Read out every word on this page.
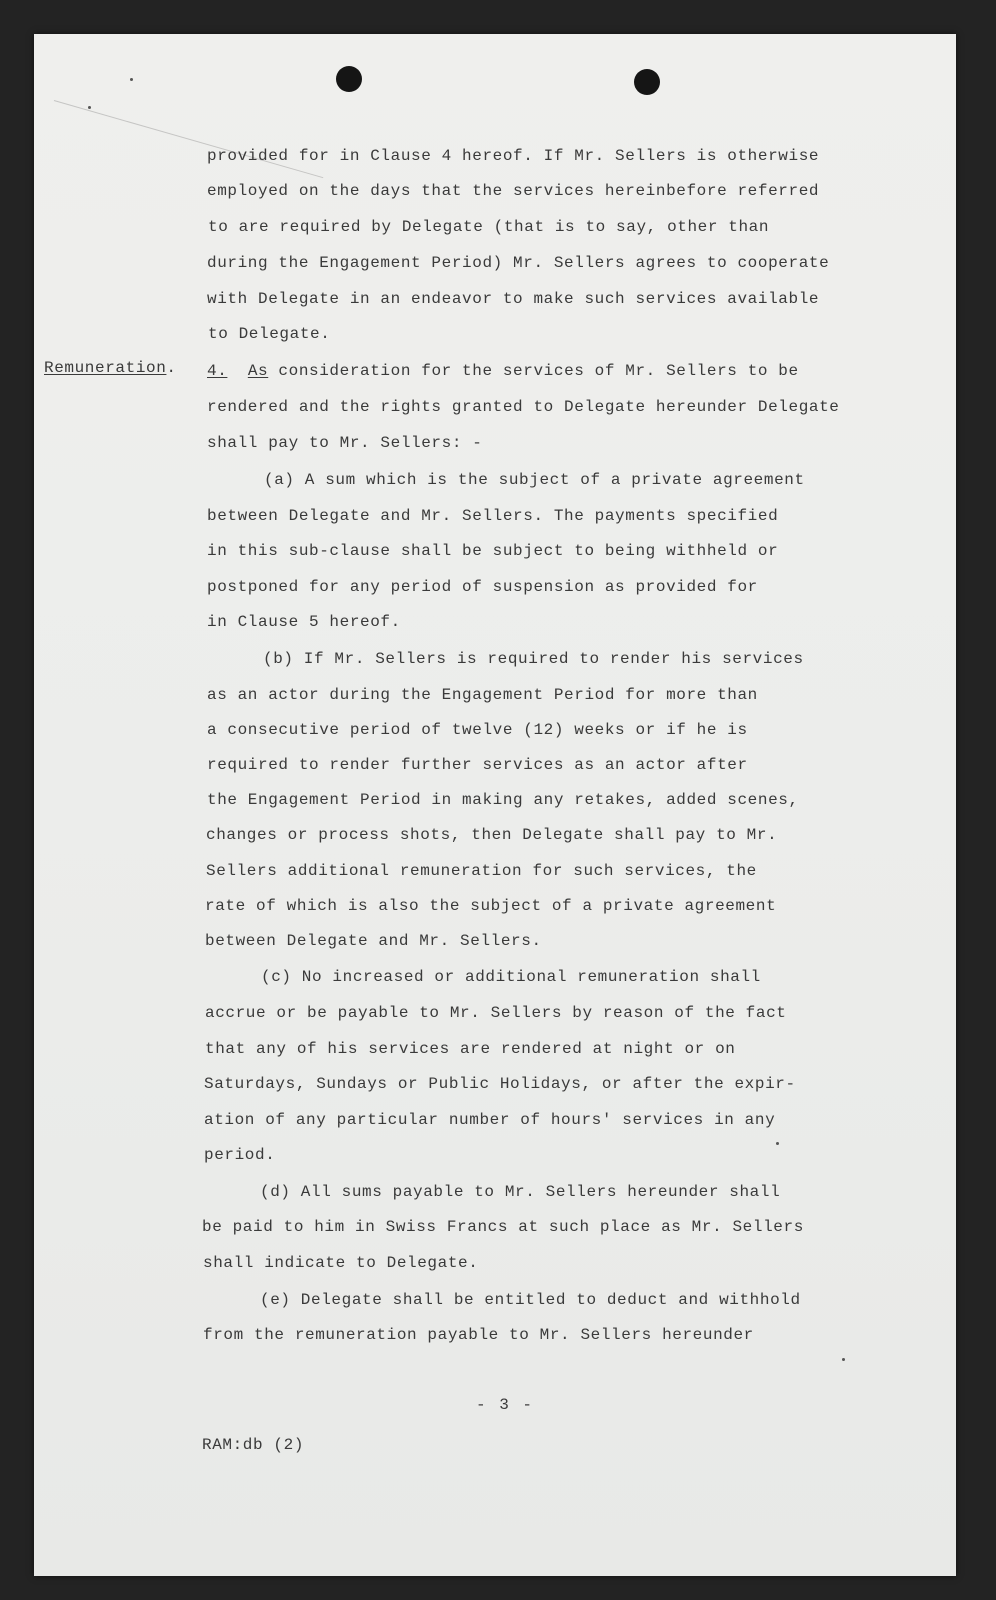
provided for in Clause 4 hereof. If Mr. Sellers is otherwise

employed on the days that the services hereinbefore referred

to are required by Delegate (that is to say, other than

during the Engagement Period) Mr. Sellers agrees to cooperate

with Delegate in an endeavor to make such services available

to Delegate.

Remuneration. 4. As consideration for the services of Mr. Sellers to be

rendered and the rights granted to Delegate hereunder Delegate

shall pay to Mr. Sellers: -

(a) A sum which is the subject of a private agreement

between Delegate and Mr. Sellers. The payments specified

in this sub-clause shall be subject to being withheld or

postponed for any period of suspension as provided for

in Clause 5 hereof.

(b) If Mr. Sellers is required to render his services

as an actor during the Engagement Period for more than

a consecutive period of twelve (12) weeks or if he is

required to render further services as an actor after

the Engagement Period in making any retakes, added scenes,

changes or process shots, then Delegate shall pay to Mr.

Sellers additional remuneration for such services, the

rate of which is also the subject of a private agreement

between Delegate and Mr. Sellers.

(c) No increased or additional remuneration shall

accrue or be payable to Mr. Sellers by reason of the fact

that any of his services are rendered at night or on

Saturdays, Sundays or Public Holidays, or after the expir-

ation of any particular number of hours' services in any

period.

(d) All sums payable to Mr. Sellers hereunder shall

be paid to him in Swiss Francs at such place as Mr. Sellers

shall indicate to Delegate.

(e) Delegate shall be entitled to deduct and withhold

from the remuneration payable to Mr. Sellers hereunder

- 3 -

RAM:db (2)
